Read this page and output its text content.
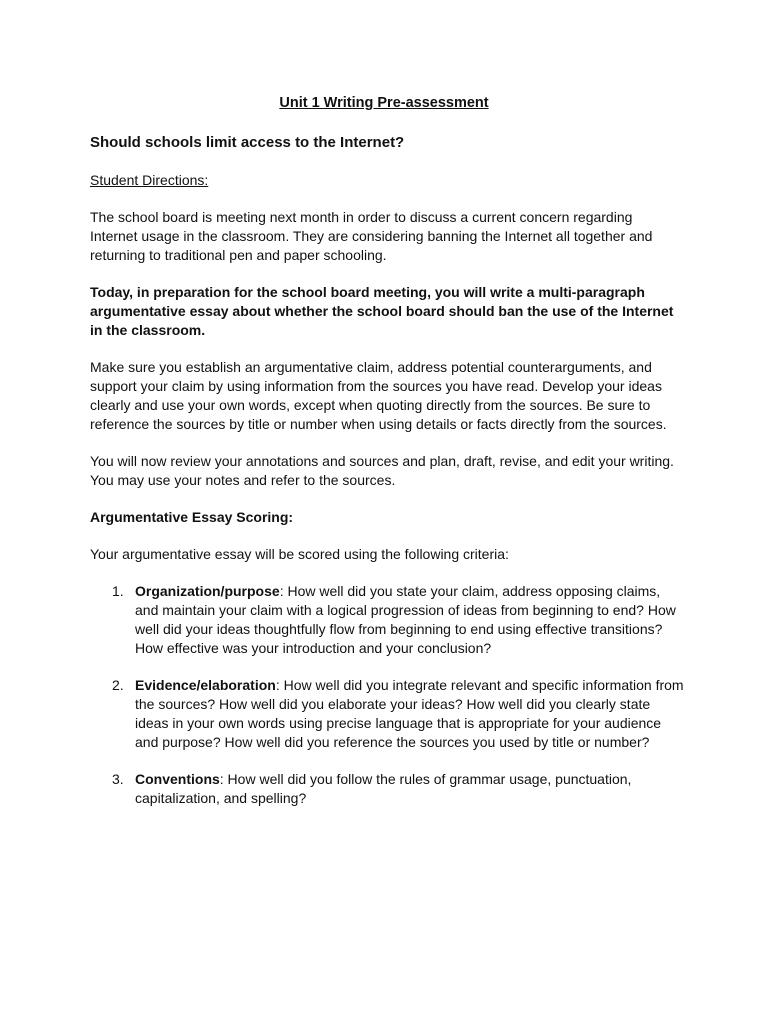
Unit 1 Writing Pre-assessment
Should schools limit access to the Internet?
Student Directions:

The school board is meeting next month in order to discuss a current concern regarding Internet usage in the classroom. They are considering banning the Internet all together and returning to traditional pen and paper schooling.

Today, in preparation for the school board meeting, you will write a multi-paragraph argumentative essay about whether the school board should ban the use of the Internet in the classroom.

Make sure you establish an argumentative claim, address potential counterarguments, and support your claim by using information from the sources you have read. Develop your ideas clearly and use your own words, except when quoting directly from the sources. Be sure to reference the sources by title or number when using details or facts directly from the sources.

You will now review your annotations and sources and plan, draft, revise, and edit your writing. You may use your notes and refer to the sources.

Argumentative Essay Scoring:

Your argumentative essay will be scored using the following criteria:

1. Organization/purpose: How well did you state your claim, address opposing claims, and maintain your claim with a logical progression of ideas from beginning to end? How well did your ideas thoughtfully flow from beginning to end using effective transitions? How effective was your introduction and your conclusion?
2. Evidence/elaboration: How well did you integrate relevant and specific information from the sources? How well did you elaborate your ideas? How well did you clearly state ideas in your own words using precise language that is appropriate for your audience and purpose? How well did you reference the sources you used by title or number?
3. Conventions: How well did you follow the rules of grammar usage, punctuation, capitalization, and spelling?
